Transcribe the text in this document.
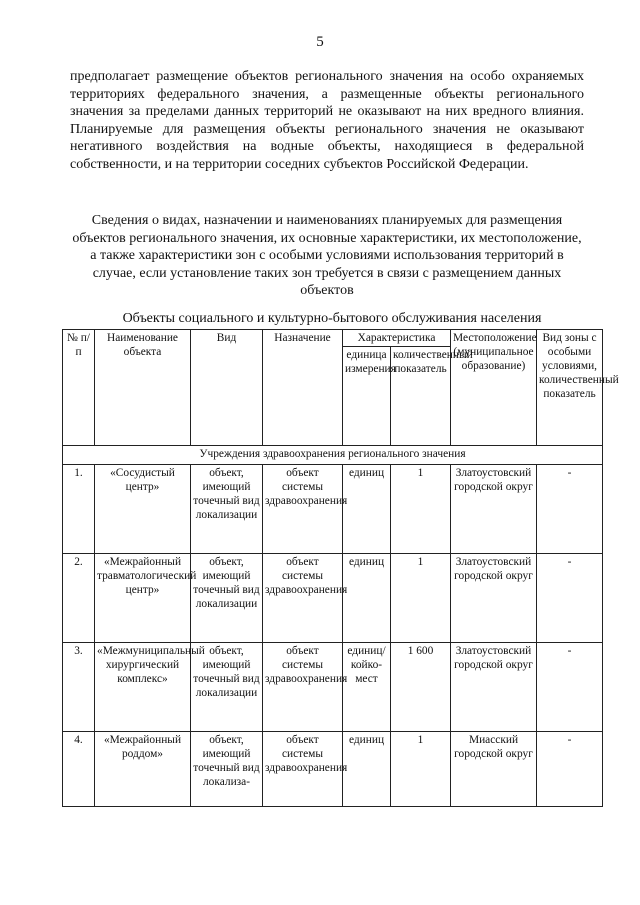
5
предполагает размещение объектов регионального значения на особо охраняемых территориях федерального значения, а размещенные объекты регионального значения за пределами данных территорий не оказывают на них вредного влияния. Планируемые для размещения объекты регионального значения не оказывают негативного воздействия на водные объекты, находящиеся в федеральной собственности, и на территории соседних субъектов Российской Федерации.
Сведения о видах, назначении и наименованиях планируемых для размещения объектов регионального значения, их основные характеристики, их местоположение, а также характеристики зон с особыми условиями использования территорий в случае, если установление таких зон требуется в связи с размещением данных объектов
Объекты социального и культурно-бытового обслуживания населения
№ п/п	Наименование объекта	Вид	Назначение	Характеристика		Местоположение (муниципальное образование)	Вид зоны с особыми условиями, количественный показатель
				единица измерения	количественный показатель		
Учреждения здравоохранения регионального значения							
1.	«Сосудистый центр»	объект, имеющий точечный вид локализации	объект системы здравоохранения	единиц	1	Златоустовский городской округ	-
2.	«Межрайонный травматологический центр»	объект, имеющий точечный вид локализации	объект системы здравоохранения	единиц	1	Златоустовский городской округ	-
3.	«Межмуниципальный хирургический комплекс»	объект, имеющий точечный вид локализации	объект системы здравоохранения	единиц/ койко-мест	1 600	Златоустовский городской округ	-
4.	«Межрайонный роддом»	объект, имеющий точечный вид локализа-	объект системы здравоохранения	единиц	1	Миасский городской округ	-
